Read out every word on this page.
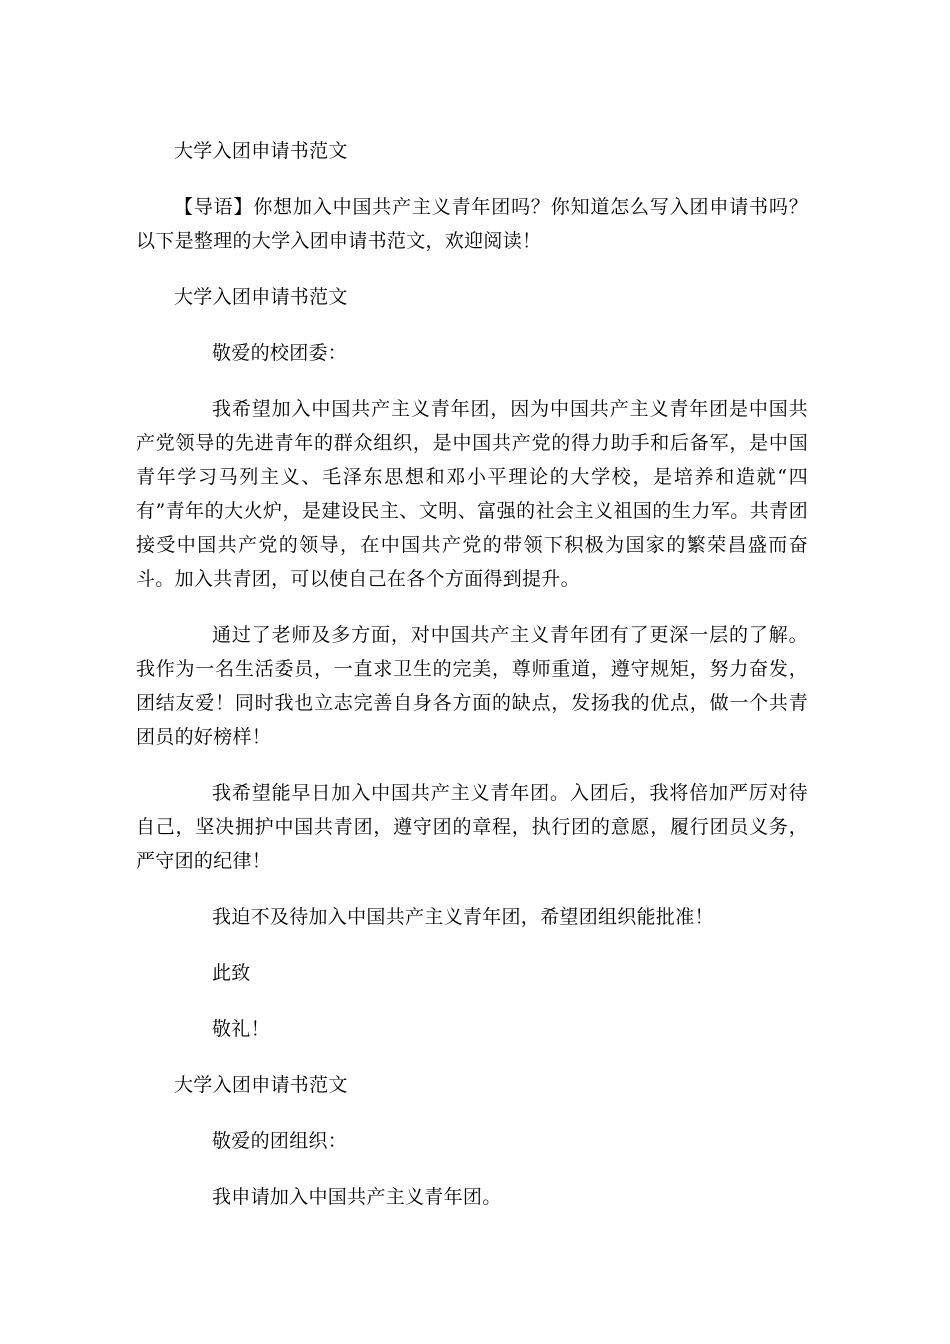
大学入团申请书范文

【导语】你想加入中国共产主义青年团吗？你知道怎么写入团申请书吗？以下是整理的大学入团申请书范文，欢迎阅读！

大学入团申请书范文

敬爱的校团委：

我希望加入中国共产主义青年团，因为中国共产主义青年团是中国共产党领导的先进青年的群众组织，是中国共产党的得力助手和后备军，是中国青年学习马列主义、毛泽东思想和邓小平理论的大学校，是培养和造就“四有”青年的大火炉，是建设民主、文明、富强的社会主义祖国的生力军。共青团接受中国共产党的领导，在中国共产党的带领下积极为国家的繁荣昌盛而奋斗。加入共青团，可以使自己在各个方面得到提升。

通过了老师及多方面，对中国共产主义青年团有了更深一层的了解。我作为一名生活委员，一直求卫生的完美，尊师重道，遵守规矩，努力奋发，团结友爱！同时我也立志完善自身各方面的缺点，发扬我的优点，做一个共青团员的好榜样！

我希望能早日加入中国共产主义青年团。入团后，我将倍加严厉对待自己，坚决拥护中国共青团，遵守团的章程，执行团的意愿，履行团员义务，严守团的纪律！

我迫不及待加入中国共产主义青年团，希望团组织能批准！

此致

敬礼！

大学入团申请书范文

敬爱的团组织：

我申请加入中国共产主义青年团。
